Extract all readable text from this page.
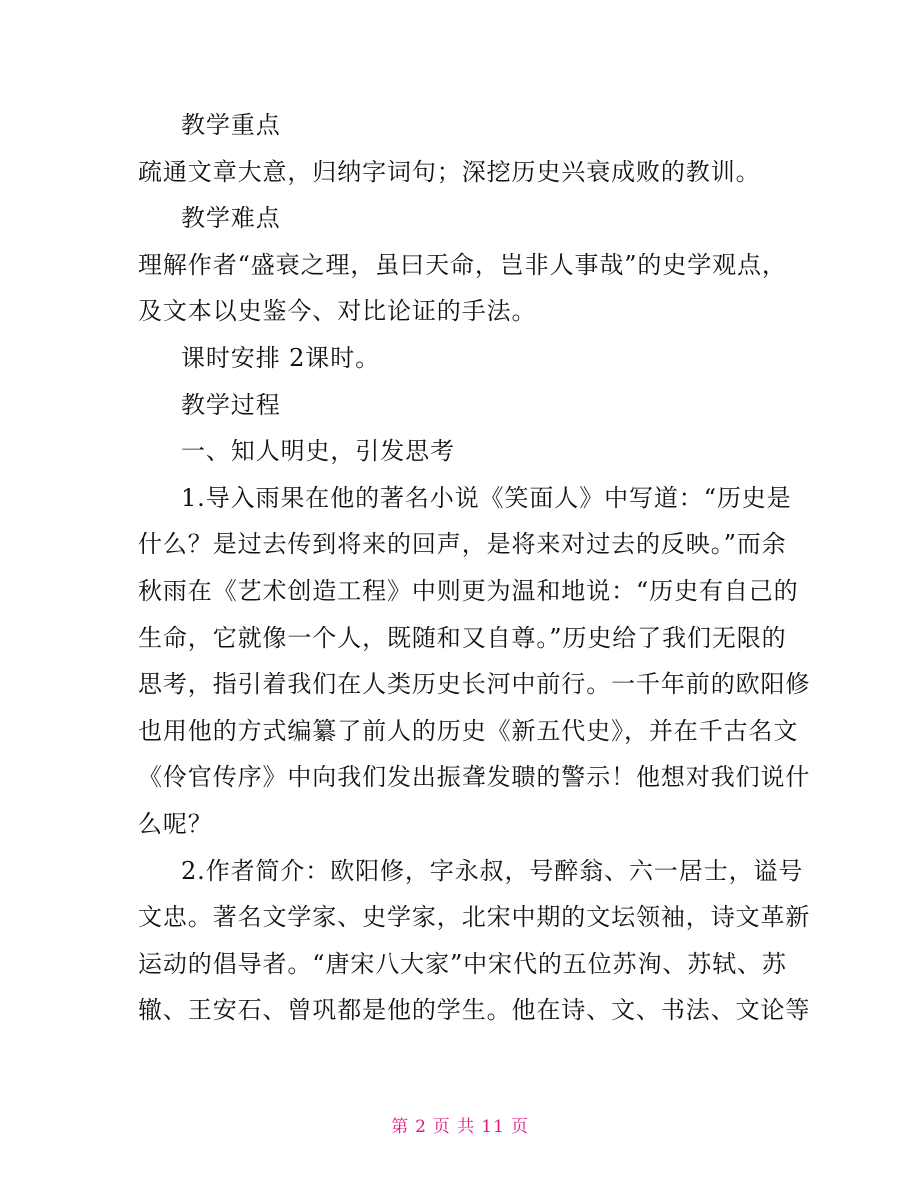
教学重点

疏通文章大意，归纳字词句；深挖历史兴衰成败的教训。

教学难点

理解作者“盛衰之理，虽曰天命，岂非人事哉”的史学观点，

及文本以史鉴今、对比论证的手法。

课时安排 2课时。

教学过程

一、知人明史，引发思考

1.导入雨果在他的著名小说《笑面人》中写道：“历史是

什么？是过去传到将来的回声，是将来对过去的反映。”而余

秋雨在《艺术创造工程》中则更为温和地说：“历史有自己的

生命，它就像一个人，既随和又自尊。”历史给了我们无限的

思考，指引着我们在人类历史长河中前行。一千年前的欧阳修

也用他的方式编纂了前人的历史《新五代史》，并在千古名文

《伶官传序》中向我们发出振聋发聩的警示！他想对我们说什

么呢？

2.作者简介：欧阳修，字永叔，号醉翁、六一居士，谥号

文忠。著名文学家、史学家，北宋中期的文坛领袖，诗文革新

运动的倡导者。“唐宋八大家”中宋代的五位苏洵、苏轼、苏

辙、王安石、曾巩都是他的学生。他在诗、文、书法、文论等

第 2 页 共 11 页
